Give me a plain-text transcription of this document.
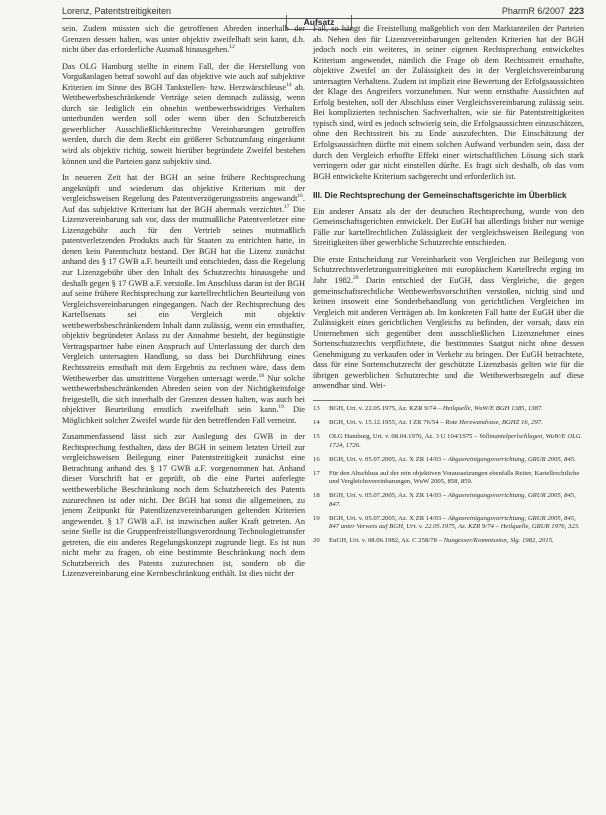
Lorenz, Patentstreitigkeiten
Aufsatz
PharmR 6/2007 223

sein. Zudem müssten sich die getroffenen Abreden innerhalb der Grenzen dessen halten, was unter objektiv zweifelhaft sein kann, d.h. nicht über das erforderliche Ausmaß hinausgehen.$^{12}$

Das OLG Hamburg stellte in einem Fall, der die Herstellung von Vorgußanlagen betraf sowohl auf das objektive wie auch auf subjektive Kriterien im Sinne des BGH Tankstellen- bzw. Herzwärschleuse$^{14}$ ab. Wettbewerbsbeschränkende Verträge seien demnach zulässig, wenn durch sie lediglich ein ohnehin wettbewerbswidriges Verhalten unterbunden werden soll oder wenn über den Schutzbereich gewerblicher Ausschließlichkeitsrechte Vereinbarungen getroffen werden, durch die dem Recht ein größerer Schutzumfang eingeräumt wird als objektiv richtig, soweit hierüber begründete Zweifel bestehen können und die Parteien ganz subjektiv sind.

In neueren Zeit hat der BGH an seine frühere Rechtsprechung angeknüpft und wiederum das objektive Kriterium mit der vergleichsweisen Regelung des Patentverzögerungsstreits angewandt$^{16}$. Auf das subjektive Kriterium hat der BGH abermals verzichtet.$^{17}$ Die Lizenzvereinbarung sah vor, dass der mutmaßliche Patentverletzer eine Lizenzgebühr auch für den Vertrieb seines mutmaßlich patentverletzenden Produkts auch für Staaten zu entrichten hatte, in denen kein Patentschutz bestand. Der BGH hat die Lizenz zunächst anhand des § 17 GWB a.F. beurteilt und entschieden, dass die Regelung zur Lizenzgebühr über den Inhalt des Schutzrechts hinausgehe und deshalb gegen § 17 GWB a.F. verstoße. Im Anschluss daran ist der BGH auf seine frühere Rechtsprechung zur kartellrechtlichen Beurteilung von Vergleichsvereinbarungen eingegangen. Nach der Rechtsprechung des Kartellsenats sei ein Vergleich mit objektiv wettbewerbsbeschränkendem Inhalt dann zulässig, wenn ein ernsthafter, objektiv begründeter Anlass zu der Annahme besteht, der begünstigte Vertragspartner habe einen Anspruch auf Unterlassung der durch den Vergleich untersagten Handlung, so dass bei Durchführung eines Rechtsstreits ernsthaft mit dem Ergebnis zu rechnen wäre, dass dem Wettbewerber das umstrittene Vorgehen untersagt werde.$^{18}$ Nur solche wettbewerbsbeschränkenden Abreden seien von der Nichtigkeitsfolge freigestellt, die sich innerhalb der Grenzen dessen halten, was auch bei objektiver Beurteilung ernstlich zweifelhaft sein kann.$^{19}$ Die Möglichkeit solcher Zweifel wurde für den betreffenden Fall verneint.

Zusammenfassend lässt sich zur Auslegung des GWB in der Rechtsprechung festhalten, dass der BGH in seinem letzten Urteil zur vergleichsweisen Beilegung einer Patentstreitigkeit zunächst eine Betrachtung anhand des § 17 GWB a.F. vorgenommen hat. Anhand dieser Vorschrift hat er geprüft, ob die eine Partei auferlegte wettbewerbliche Beschränkung noch dem Schutzbereich des Patents zuzurechnen ist oder nicht. Der BGH hat sonst die allgemeinen, zu jenem Zeitpunkt für Patentlizenzvereinbarungen geltenden Kriterien angewendet. § 17 GWB a.F. ist inzwischen außer Kraft getreten. An seine Stelle ist die Gruppenfreistellungsverordnung Technologietransfer getreten, die ein anderes Regelungskonzept zugrunde liegt. Es ist nun nicht mehr zu fragen, ob eine bestimmte Beschränkung noch dem Schutzbereich des Patents zuzurechnen ist, sondern ob die Lizenzvereinbarung eine Kernbeschränkung enthält. Ist dies nicht der

Fall, so hängt die Freistellung maßgeblich von den Marktanteilen der Parteien ab. Neben den für Lizenzvereinbarungen geltenden Kriterien hat der BGH jedoch noch ein weiteres, in seiner eigenen Rechtsprechung entwickeltes Kriterium angewendet, nämlich die Frage ob dem Rechtsstreit ernsthafte, objektive Zweifel an der Zulässigkeit des in der Vergleichsvereinbarung untersagten Verhaltens. Zudem ist implizit eine Bewertung der Erfolgsaussichten der Klage des Angreifers vorzunehmen. Nur wenn ernsthafte Aussichten auf Erfolg bestehen, soll der Abschluss einer Vergleichsvereinbarung zulässig sein. Bei komplizierten technischen Sachverhalten, wie sie für Patentstreitigkeiten typisch sind, wird es jedoch schwierig sein, die Erfolgsaussichten einzuschätzen, ohne den Rechtsstreit bis zu Ende auszufechten. Die Einschätzung der Erfolgsaussichten dürfte mit einem solchen Aufwand verbunden sein, dass der durch den Vergleich erhoffte Effekt einer wirtschaftlichen Lösung sich stark verringern oder gar nicht einstellen dürfte. Es fragt sich deshalb, ob das vom BGH entwickelte Kriterium sachgerecht und erforderlich ist.

III. Die Rechtsprechung der Gemeinschaftsgerichte im Überblick

Ein anderer Ansatz als der der deutschen Rechtsprechung, wurde von den Gemeinschaftsgerichten entwickelt. Der EuGH hat allerdings bisher nur wenige Fälle zur kartellrechtlichen Zulässigkeit der vergleichsweisen Beilegung von Streitigkeiten über gewerbliche Schutzrechte entschieden.

Die erste Entscheidung zur Vereinbarkeit von Vergleichen zur Beilegung von Schutzrechtsverletzungsstreitigkeiten mit europäischem Kartellrecht erging im Jahr 1982.20 Darin entschied der EuGH, dass Vergleiche, die gegen gemeinschaftsrechtliche Wettbewerbsvorschriften verstoßen, nichtig sind und keinen insoweit eine Sonderbehandlung von gerichtlichen Vergleichen im Vergleich mit anderen Verträgen ab. Im konkreten Fall hatte der EuGH über die Zulässigkeit eines gerichtlichen Vergleichs zu befinden, der vorsah, dass ein Unternehmen sich gegenüber dem ausschließlichen Lizenznehmer eines Sortenschutzrechts verpflichtete, die bestimmtes Saatgut nicht ohne dessen Genehmigung zu verkaufen oder in Verkehr zu bringen. Der EuGH betrachtete, dass für eine Sortenschutzrecht der geschützte Lizenzbasis gelten wie für die übrigen gewerblichen Schutzrechte und die Wettbewerbsregeln auf diese anwendbar sind. Wei-

13 BGH, Urt. v. 22.05.1975, Az. KZR 9/74 – Heilquelle, WuW/E BGH 1385, 1387.

14 BGH, Urt. v. 15.12.1955, Az. I ZR 76/54 – Rote Herzwandvase, BGHZ 16, 297.

15 OLG Hamburg, Urt. v. 08.04.1976, Az. 3 U 104/1975 – Vollmantelperlschlagen, WuW/E OLG 1724, 1726.

16 BGH, Urt. v. 05.07.2005, Az. X ZR 14/03 – Abgasreinigungsvorrichtung, GRUR 2005, 845.

17 Für den Abschluss auf der rein objektiven Voraussetzungen ebenfalls Reiter, Kartellrechtliche und Vergleichsvereinbarungen, WuW 2005, 858, 859.

18 BGH, Urt. v. 05.07.2005, Az. X ZR 14/03 – Abgasreinigungsvorrichtung, GRUR 2005, 845, 847.

19 BGH, Urt. v. 05.07.2005, Az. X ZR 14/03 – Abgasreinigungsvorrichtung, GRUR 2005, 845, 847 unter Verweis auf BGH, Urt. v. 22.05.1975, Az. KZR 9/74 – Heilquelle, GRUR 1976, 323.

20 EuGH, Urt. v. 08.06.1982, Az. C 258/78 – Nungesser/Kommission, Slg. 1982, 2015.
